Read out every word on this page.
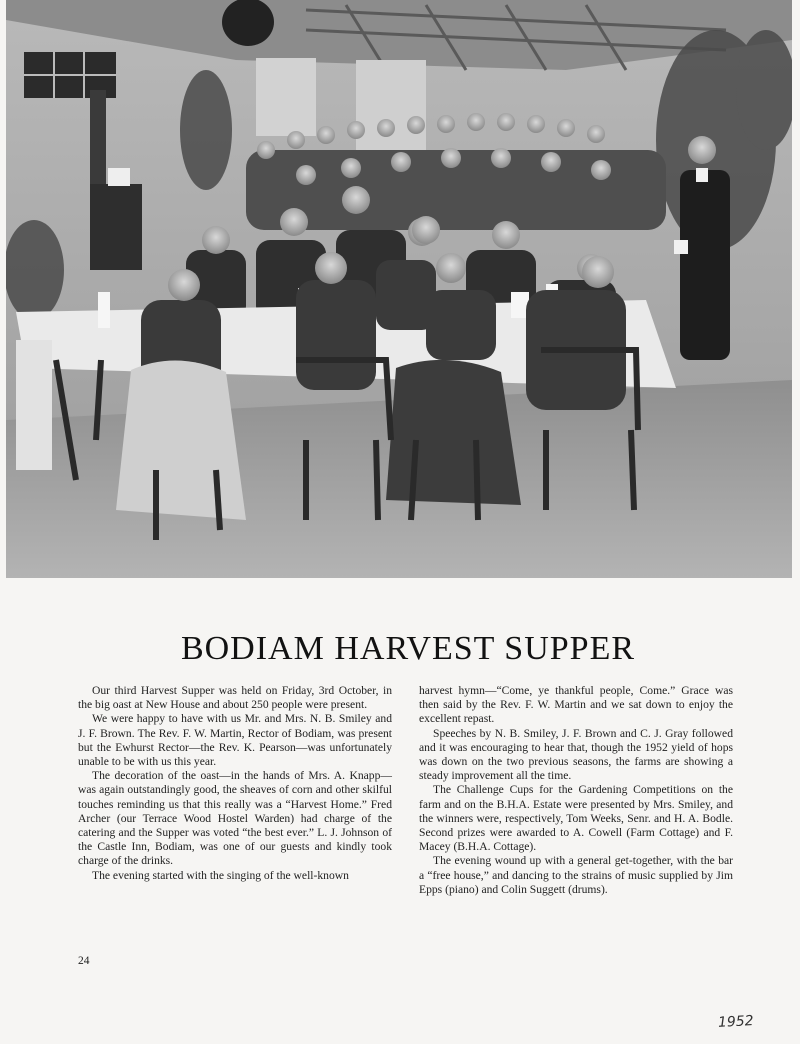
BODIAM HARVEST SUPPER

Our third Harvest Supper was held on Friday, 3rd October, in the big oast at New House and about 250 people were present.

We were happy to have with us Mr. and Mrs. N. B. Smiley and J. F. Brown. The Rev. F. W. Martin, Rector of Bodiam, was present but the Ewhurst Rector—the Rev. K. Pearson—was unfortunately unable to be with us this year.

The decoration of the oast—in the hands of Mrs. A. Knapp—was again outstandingly good, the sheaves of corn and other skilful touches reminding us that this really was a “Harvest Home.” Fred Archer (our Terrace Wood Hostel Warden) had charge of the catering and the Supper was voted “the best ever.” L. J. Johnson of the Castle Inn, Bodiam, was one of our guests and kindly took charge of the drinks.

The evening started with the singing of the well-known

harvest hymn—“Come, ye thankful people, Come.” Grace was then said by the Rev. F. W. Martin and we sat down to enjoy the excellent repast.

Speeches by N. B. Smiley, J. F. Brown and C. J. Gray followed and it was encouraging to hear that, though the 1952 yield of hops was down on the two previous seasons, the farms are showing a steady improvement all the time.

The Challenge Cups for the Gardening Competitions on the farm and on the B.H.A. Estate were presented by Mrs. Smiley, and the winners were, respectively, Tom Weeks, Senr. and H. A. Bodle. Second prizes were awarded to A. Cowell (Farm Cottage) and F. Macey (B.H.A. Cottage).

The evening wound up with a general get-together, with the bar a “free house,” and dancing to the strains of music supplied by Jim Epps (piano) and Colin Suggett (drums).

24
1952
